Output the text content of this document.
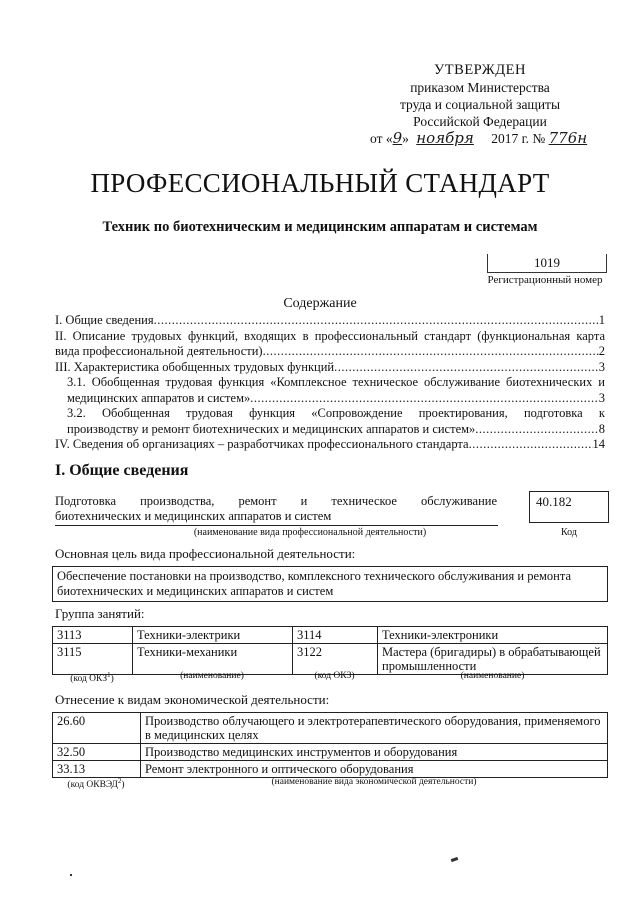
УТВЕРЖДЕН
приказом Министерства
труда и социальной защиты
Российской Федерации
от «9» ноября 2017 г. № 776н
ПРОФЕССИОНАЛЬНЫЙ СТАНДАРТ
Техник по биотехническим и медицинским аппаратам и системам
1019
Регистрационный номер
Содержание
I. Общие сведения .....	1
II. Описание трудовых функций, входящих в профессиональный стандарт (функциональная карта
вида профессиональной деятельности) .....	2
III. Характеристика обобщенных трудовых функций .....	3
3.1. Обобщенная трудовая функция «Комплексное техническое обслуживание биотехнических и
медицинских аппаратов и систем» .....	3
3.2. Обобщенная трудовая функция «Сопровождение проектирования, подготовка к
производству и ремонт биотехнических и медицинских аппаратов и систем» .....	8
IV. Сведения об организациях – разработчиках профессионального стандарта .....	14
I. Общие сведения
Подготовка производства, ремонт и техническое обслуживание
биотехнических и медицинских аппаратов и систем
(наименование вида профессиональной деятельности)
40.182
Код
Основная цель вида профессиональной деятельности:
Обеспечение постановки на производство, комплексного технического обслуживания и ремонта биотехнических и медицинских аппаратов и систем
Группа занятий:
3113	Техники-электрики	3114	Техники-электроники
3115	Техники-механики	3122	Мастера (бригадиры) в обрабатывающей промышленности
(код ОКЗ$^1$)	(наименование)	(код ОКЗ)	(наименование)
Отнесение к видам экономической деятельности:
26.60	Производство облучающего и электротерапевтического оборудования, применяемого в медицинских целях
32.50	Производство медицинских инструментов и оборудования
33.13	Ремонт электронного и оптического оборудования
(код ОКВЭД$^2$)	(наименование вида экономической деятельности)
